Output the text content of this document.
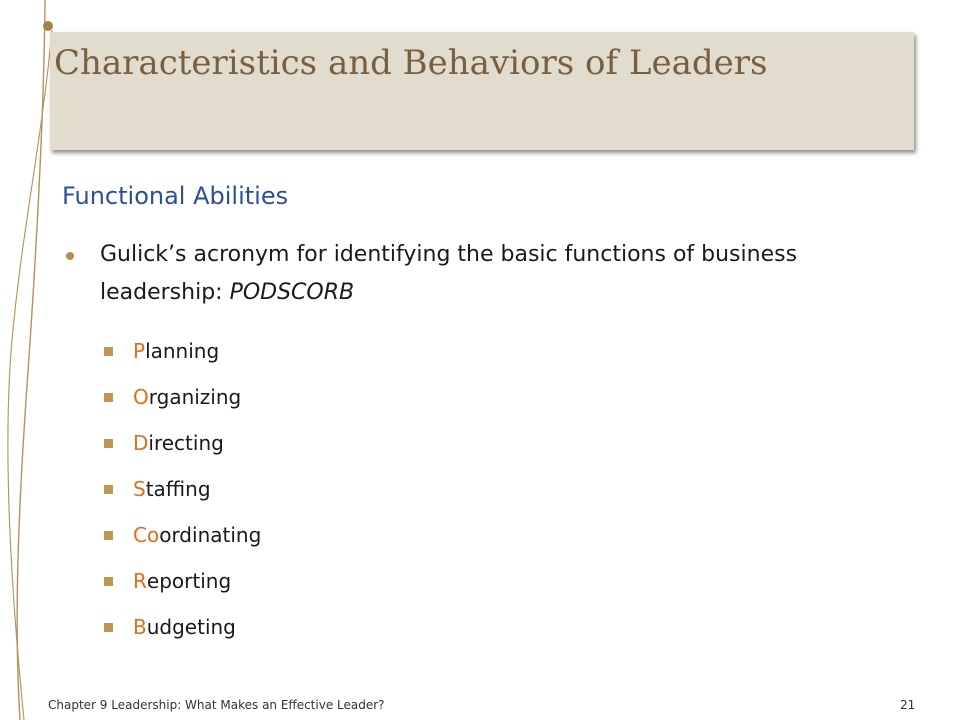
Characteristics and Behaviors of Leaders
Functional Abilities
Gulick’s acronym for identifying the basic functions of business leadership: PODSCORB
P lanning
O rganizing
D irecting
S taffing
Co ordinating
R eporting
B udgeting
Chapter 9 Leadership: What Makes an Effective Leader?	21
